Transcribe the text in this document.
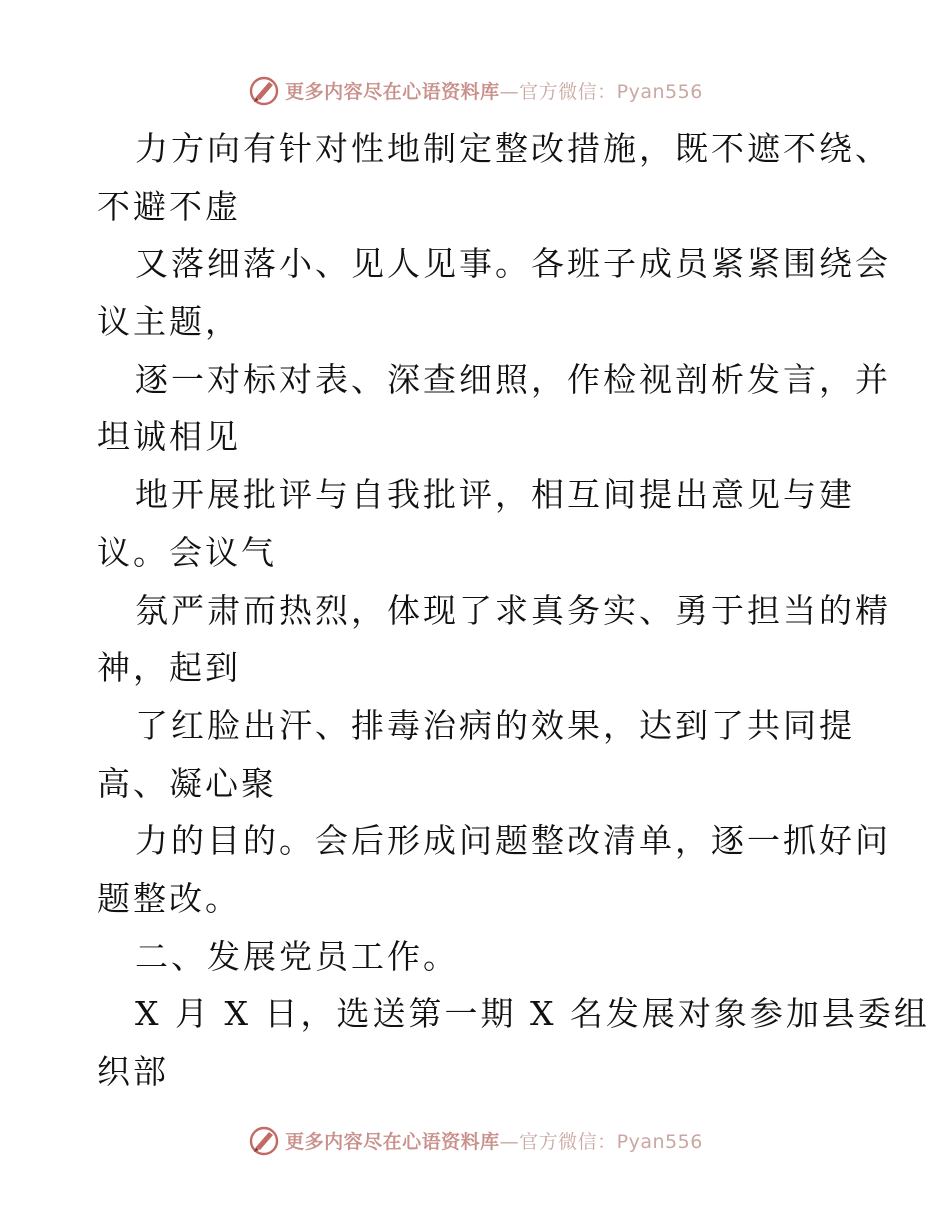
更多内容尽在心语资料库—官方微信：Pyan556
力方向有针对性地制定整改措施，既不遮不绕、
不避不虚
又落细落小、见人见事。各班子成员紧紧围绕会
议主题，
逐一对标对表、深查细照，作检视剖析发言，并
坦诚相见
地开展批评与自我批评，相互间提出意见与建
议。会议气
氛严肃而热烈，体现了求真务实、勇于担当的精
神，起到
了红脸出汗、排毒治病的效果，达到了共同提
高、凝心聚
力的目的。会后形成问题整改清单，逐一抓好问
题整改。
二、发展党员工作。
X 月 X 日，选送第一期 X 名发展对象参加县委组
织部
更多内容尽在心语资料库—官方微信：Pyan556
